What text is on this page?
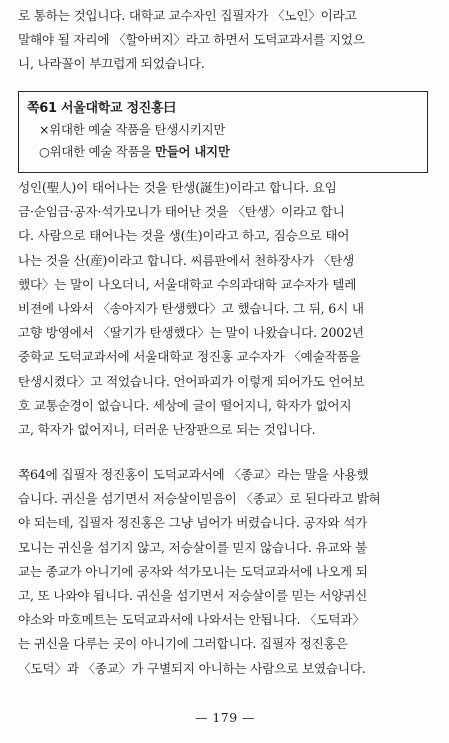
로 통하는 것입니다. 대학교 교수자인 집필자가 〈노인〉이라고
말해야 될 자리에 〈할아버지〉라고 하면서 도덕교과서를 지었으
니, 나라꼴이 부끄럽게 되었습니다.

쪽61 서울대학교 정진홍曰
×위대한 예술 작품을 탄생시키지만
○위대한 예술 작품을 만들어 내지만

성인(聖人)이 태어나는 것을 탄생(誕生)이라고 합니다. 요임
금·순임금·공자·석가모니가 태어난 것을 〈탄생〉이라고 합니
다. 사람으로 태어나는 것을 생(生)이라고 하고, 짐승으로 태어
나는 것을 산(産)이라고 합니다. 씨름판에서 천하장사가 〈탄생
했다〉는 말이 나오더니, 서울대학교 수의과대학 교수자가 텔레
비젼에 나와서 〈송아지가 탄생했다〉고 했습니다. 그 뒤, 6시 내
고향 방영에서 〈딸기가 탄생했다〉는 말이 나왔습니다. 2002년
중학교 도덕교과서에 서울대학교 정진홍 교수자가 〈예술작품을
탄생시켰다〉고 적었습니다. 언어파괴가 이렇게 되어가도 언어보
호 교통순경이 없습니다. 세상에 글이 떨어지니, 학자가 없어지
고, 학자가 없어지니, 더러운 난장판으로 되는 것입니다.

쪽64에 집필자 정진홍이 도덕교과서에 〈종교〉라는 말을 사용했
습니다. 귀신을 섬기면서 저승살이믿음이 〈종교〉로 된다라고 밝혀
야 되는데, 집필자 정진홍은 그냥 넘어가 버렸습니다. 공자와 석가
모니는 귀신을 섬기지 않고, 저승살이를 믿지 않습니다. 유교와 불
교는 종교가 아니기에 공자와 석가모니는 도덕교과서에 나오게 되
고, 또 나와야 됩니다. 귀신을 섬기면서 저승살이를 믿는 서양귀신
야소와 마호메트는 도덕교과서에 나와서는 안됩니다. 〈도덕과〉
는 귀신을 다루는 곳이 아니기에 그러합니다. 집필자 정진홍은
〈도덕〉과 〈종교〉가 구별되지 아니하는 사람으로 보였습니다.

— 179 —
